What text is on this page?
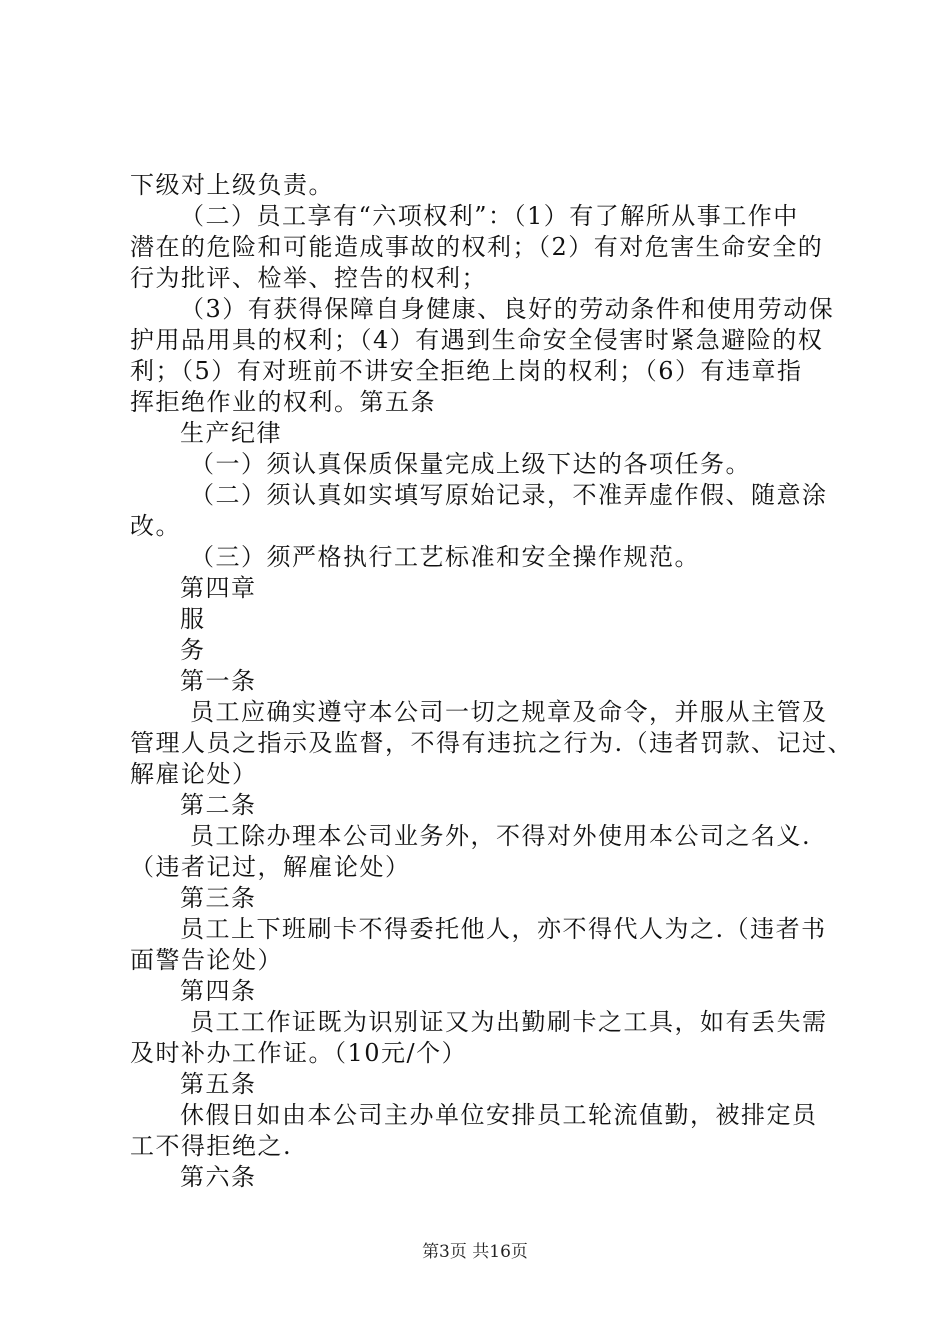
下级对上级负责。
（二）员工享有“六项权利”：（1）有了解所从事工作中
潜在的危险和可能造成事故的权利；（2）有对危害生命安全的
行为批评、检举、控告的权利；
（3）有获得保障自身健康、良好的劳动条件和使用劳动保
护用品用具的权利；（4）有遇到生命安全侵害时紧急避险的权
利；（5）有对班前不讲安全拒绝上岗的权利；（6）有违章指
挥拒绝作业的权利。第五条
生产纪律
（一）须认真保质保量完成上级下达的各项任务。
（二）须认真如实填写原始记录，不准弄虚作假、随意涂
改。
（三）须严格执行工艺标准和安全操作规范。
第四章
服
务
第一条
员工应确实遵守本公司一切之规章及命令，并服从主管及
管理人员之指示及监督，不得有违抗之行为.（违者罚款、记过、
解雇论处）
第二条
员工除办理本公司业务外，不得对外使用本公司之名义.
（违者记过，解雇论处）
第三条
员工上下班刷卡不得委托他人，亦不得代人为之.（违者书
面警告论处）
第四条
员工工作证既为识别证又为出勤刷卡之工具，如有丢失需
及时补办工作证。（10元/个）
第五条
休假日如由本公司主办单位安排员工轮流值勤，被排定员
工不得拒绝之.
第六条
第3页 共16页
